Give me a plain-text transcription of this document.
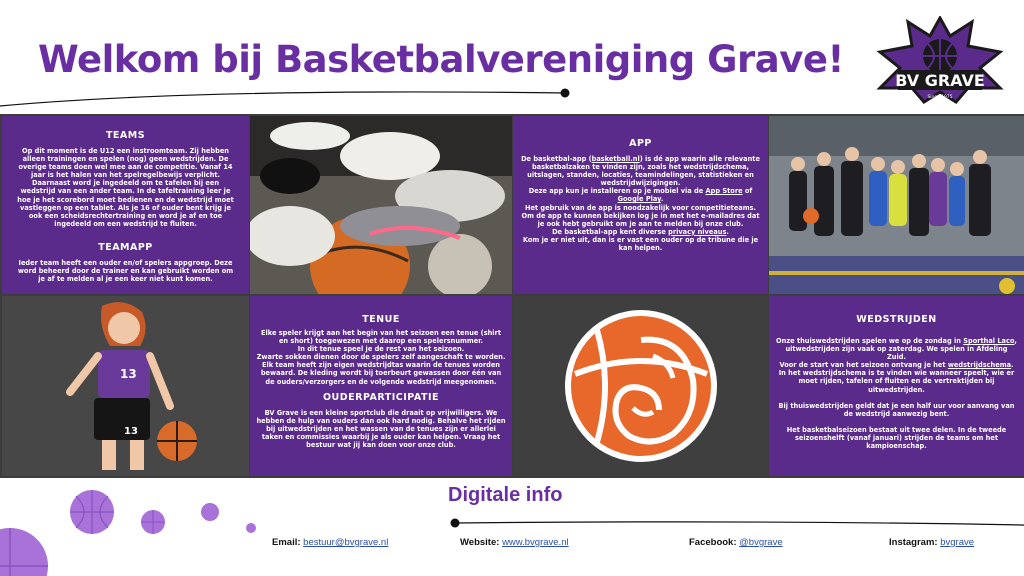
Welkom bij Basketbalvereniging Grave!	BV GRAVE
Since 1975
TEAMS

Op dit moment is de U12 een instroomteam. Zij hebben alleen trainingen en spelen (nog) geen wedstrijden. De overige teams doen wel mee aan de competitie. Vanaf 14 jaar is het halen van het spelregelbewijs verplicht. Daarnaast word je ingedeeld om te tafelen bij een wedstrijd van een ander team. In de tafeltraining leer je hoe je het scorebord moet bedienen en de wedstrijd moet vastleggen op een tablet. Als je 16 of ouder bent krijg je ook een scheidsrechtertraining en word je af en toe ingedeeld om een wedstrijd te fluiten.

TEAMAPP

Ieder team heeft een ouder en/of spelers appgroep. Deze word beheerd door de trainer en kan gebruikt worden om je af te melden al je een keer niet kunt komen.

APP

De basketbal-app (basketball.nl) is dé app waarin alle relevante basketbalzaken te vinden zijn, zoals het wedstrijdschema, uitslagen, standen, locaties, teamindelingen, statistieken en wedstrijdwijzigingen.

Deze app kun je installeren op je mobiel via de App Store of Google Play.

Het gebruik van de app is noodzakelijk voor competitieteams. Om de app te kunnen bekijken log je in met het e-mailadres dat je ook hebt gebruikt om je aan te melden bij onze club.

De basketbal-app kent diverse privacy niveaus.

Kom je er niet uit, dan is er vast een ouder op de tribune die je kan helpen.

13
13
TENUE

Elke speler krijgt aan het begin van het seizoen een tenue (shirt en short) toegewezen met daarop een spelersnummer.

In dit tenue speel je de rest van het seizoen.

Zwarte sokken dienen door de spelers zelf aangeschaft te worden. Elk team heeft zijn eigen wedstrijdtas waarin de tenues worden bewaard. De kleding wordt bij toerbeurt gewassen door één van de ouders/verzorgers en de volgende wedstrijd meegenomen.

OUDERPARTICIPATIE

BV Grave is een kleine sportclub die draait op vrijwilligers. We hebben de hulp van ouders dan ook hard nodig. Behalve het rijden bij uitwedstrijden en het wassen van de tenues zijn er allerlei taken en commissies waarbij je als ouder kan helpen. Vraag het bestuur wat jij kan doen voor onze club.

WEDSTRIJDEN

Onze thuiswedstrijden spelen we op de zondag in Sporthal Laco, uitwedstrijden zijn vaak op zaterdag. We spelen in Afdeling Zuid.

Voor de start van het seizoen ontvang je het wedstrijdschema. In het wedstrijdschema is te vinden wie wanneer speelt, wie er moet rijden, tafelen of fluiten en de vertrektijden bij uitwedstrijden.

Bij thuiswedstrijden geldt dat je een half uur voor aanvang van de wedstrijd aanwezig bent.

Het basketbalseizoen bestaat uit twee delen. In de tweede seizoenshelft (vanaf januari) strijden de teams om het kampioenschap.

Digitale info
Email: bestuur@bvgrave.nl	Website: www.bvgrave.nl	Facebook: @bvgrave	Instagram: bvgrave
